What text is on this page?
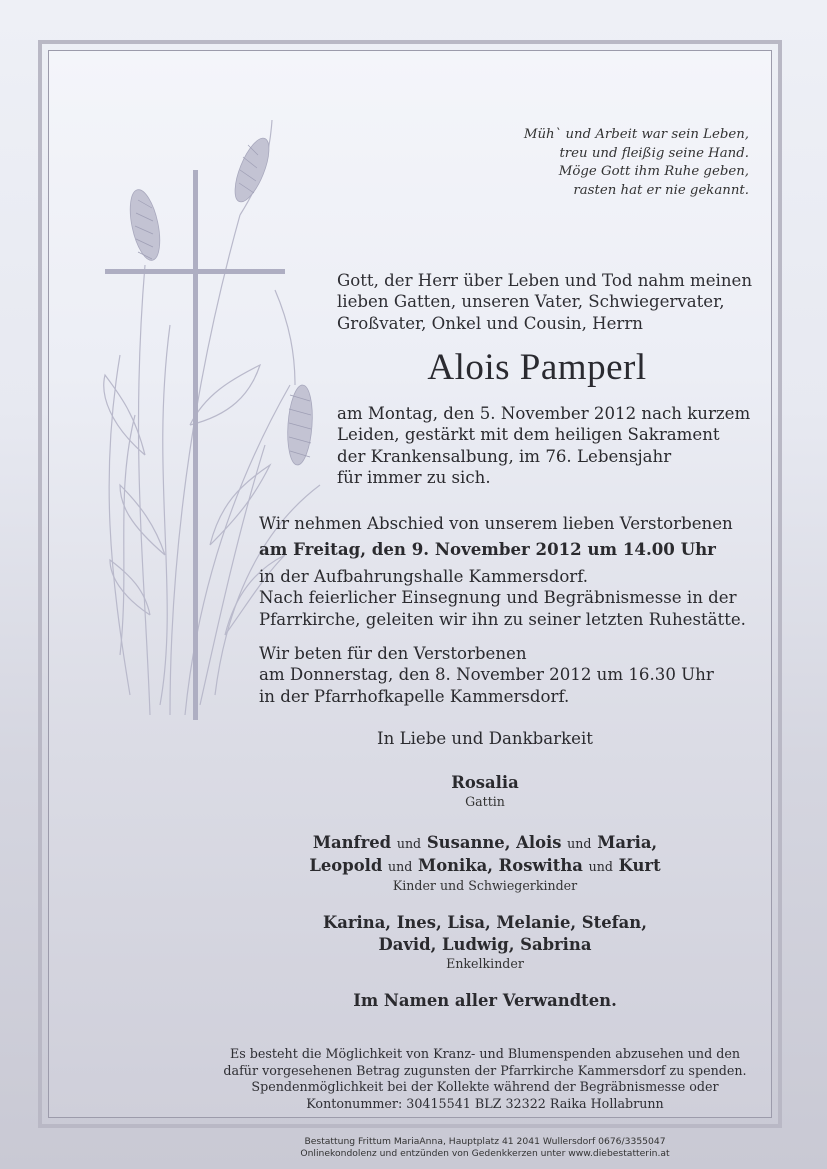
Müh` und Arbeit war sein Leben,
treu und fleißig seine Hand.
Möge Gott ihm Ruhe geben,
rasten hat er nie gekannt.
Gott, der Herr über Leben und Tod nahm meinen
lieben Gatten, unseren Vater, Schwiegervater,
Großvater, Onkel und Cousin, Herrn
Alois Pamperl
am Montag, den 5. November 2012 nach kurzem
Leiden, gestärkt mit dem heiligen Sakrament
der Krankensalbung, im 76. Lebensjahr
für immer zu sich.
Wir nehmen Abschied von unserem lieben Verstorbenen
am Freitag, den 9. November 2012 um 14.00 Uhr
in der Aufbahrungshalle Kammersdorf.
Nach feierlicher Einsegnung und Begräbnismesse in der
Pfarrkirche, geleiten wir ihn zu seiner letzten Ruhestätte.
Wir beten für den Verstorbenen
am Donnerstag, den 8. November 2012 um 16.30 Uhr
in der Pfarrhofkapelle Kammersdorf.
In Liebe und Dankbarkeit
Rosalia
Gattin
Manfred und Susanne, Alois und Maria,
Leopold und Monika, Roswitha und Kurt
Kinder und Schwiegerkinder
Karina, Ines, Lisa, Melanie, Stefan,
David, Ludwig, Sabrina
Enkelkinder
Im Namen aller Verwandten.
Es besteht die Möglichkeit von Kranz- und Blumenspenden abzusehen und den
dafür vorgesehenen Betrag zugunsten der Pfarrkirche Kammersdorf zu spenden.
Spendenmöglichkeit bei der Kollekte während der Begräbnismesse oder
Kontonummer: 30415541 BLZ 32322 Raika Hollabrunn
Bestattung Frittum MariaAnna, Hauptplatz 41 2041 Wullersdorf 0676/3355047
Onlinekondolenz und entzünden von Gedenkkerzen unter www.diebestatterin.at
